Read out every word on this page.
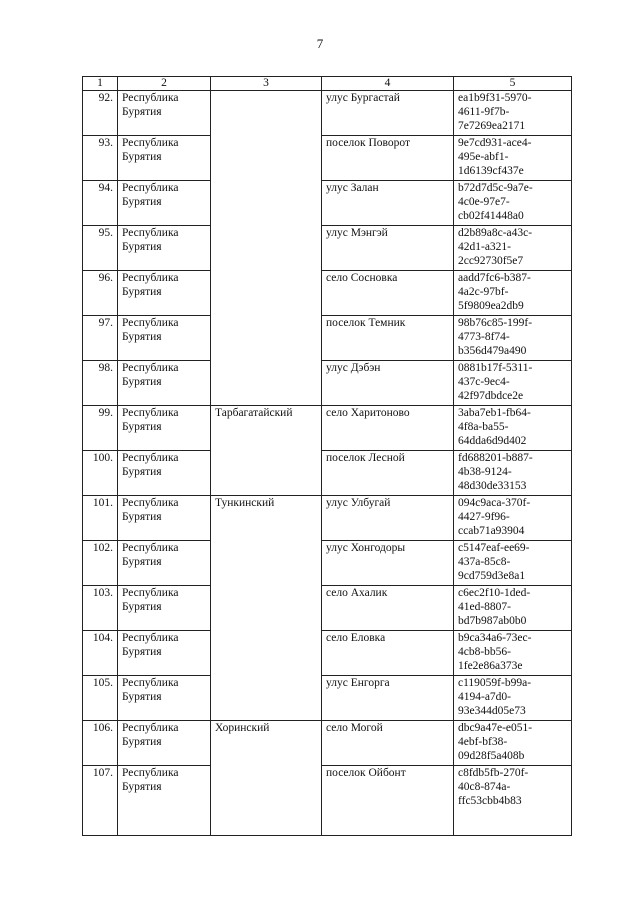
7
1	2	3	4	5
92.	Республика
Бурятия		улус Бургастай	ea1b9f31-5970-
4611-9f7b-
7e7269ea2171

93.	Республика
Бурятия		поселок Поворот	9e7cd931-ace4-
495e-abf1-
1d6139cf437e

94.	Республика
Бурятия		улус Залан	b72d7d5c-9a7e-
4c0e-97e7-
cb02f41448a0

95.	Республика
Бурятия		улус Мэнгэй	d2b89a8c-a43c-
42d1-a321-
2cc92730f5e7

96.	Республика
Бурятия		село Сосновка	aadd7fc6-b387-
4a2c-97bf-
5f9809ea2db9

97.	Республика
Бурятия		поселок Темник	98b76c85-199f-
4773-8f74-
b356d479a490

98.	Республика
Бурятия		улус Дэбэн	0881b17f-5311-
437c-9ec4-
42f97dbdce2e

99.	Республика
Бурятия	Тарбагатайский	село Харитоново	3aba7eb1-fb64-
4f8a-ba55-
64dda6d9d402

100.	Республика
Бурятия		поселок Лесной	fd688201-b887-
4b38-9124-
48d30de33153

101.	Республика
Бурятия	Тункинский	улус Улбугай	094c9aca-370f-
4427-9f96-
ccab71a93904

102.	Республика
Бурятия		улус Хонгодоры	c5147eaf-ee69-
437a-85c8-
9cd759d3e8a1

103.	Республика
Бурятия		село Ахалик	c6ec2f10-1ded-
41ed-8807-
bd7b987ab0b0

104.	Республика
Бурятия		село Еловка	b9ca34a6-73ec-
4cb8-bb56-
1fe2e86a373e

105.	Республика
Бурятия		улус Енгорга	c119059f-b99a-
4194-a7d0-
93e344d05e73

106.	Республика
Бурятия	Хоринский	село Могой	dbc9a47e-e051-
4ebf-bf38-
09d28f5a408b

107.	Республика
Бурятия		поселок Ойбонт	c8fdb5fb-270f-
40c8-874a-
ffc53cbb4b83
